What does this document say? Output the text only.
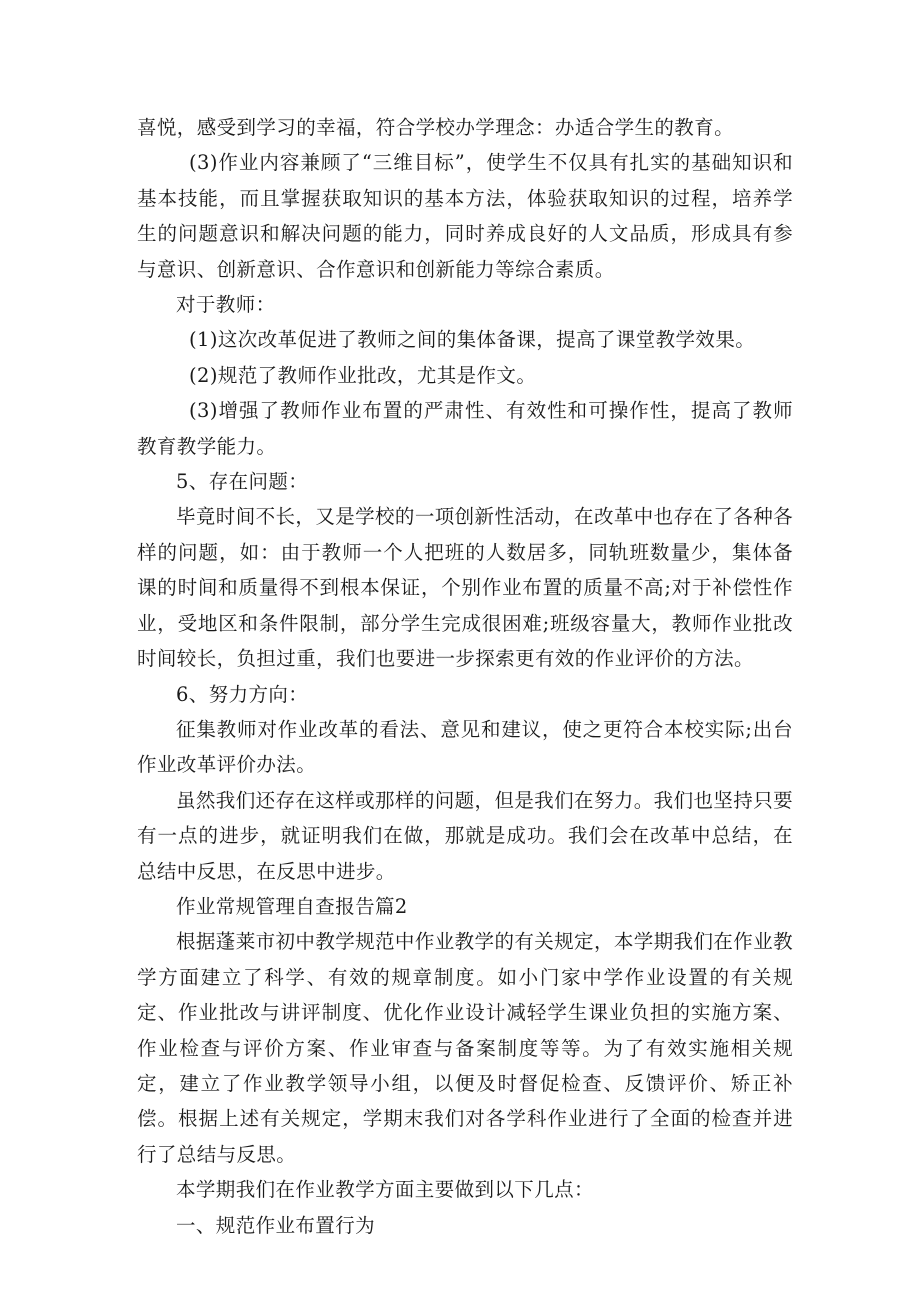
喜悦，感受到学习的幸福，符合学校办学理念：办适合学生的教育。

(3)作业内容兼顾了“三维目标”，使学生不仅具有扎实的基础知识和基本技能，而且掌握获取知识的基本方法，体验获取知识的过程，培养学生的问题意识和解决问题的能力，同时养成良好的人文品质，形成具有参与意识、创新意识、合作意识和创新能力等综合素质。

对于教师：

(1)这次改革促进了教师之间的集体备课，提高了课堂教学效果。

(2)规范了教师作业批改，尤其是作文。

(3)增强了教师作业布置的严肃性、有效性和可操作性，提高了教师教育教学能力。

5、存在问题：

毕竟时间不长，又是学校的一项创新性活动，在改革中也存在了各种各样的问题，如：由于教师一个人把班的人数居多，同轨班数量少，集体备课的时间和质量得不到根本保证，个别作业布置的质量不高;对于补偿性作业，受地区和条件限制，部分学生完成很困难;班级容量大，教师作业批改时间较长，负担过重，我们也要进一步探索更有效的作业评价的方法。

6、努力方向：

征集教师对作业改革的看法、意见和建议，使之更符合本校实际;出台作业改革评价办法。

虽然我们还存在这样或那样的问题，但是我们在努力。我们也坚持只要有一点的进步，就证明我们在做，那就是成功。我们会在改革中总结，在总结中反思，在反思中进步。

作业常规管理自查报告篇2

根据蓬莱市初中教学规范中作业教学的有关规定，本学期我们在作业教学方面建立了科学、有效的规章制度。如小门家中学作业设置的有关规定、作业批改与讲评制度、优化作业设计减轻学生课业负担的实施方案、作业检查与评价方案、作业审查与备案制度等等。为了有效实施相关规定，建立了作业教学领导小组，以便及时督促检查、反馈评价、矫正补偿。根据上述有关规定，学期末我们对各学科作业进行了全面的检查并进行了总结与反思。

本学期我们在作业教学方面主要做到以下几点：

一、规范作业布置行为
